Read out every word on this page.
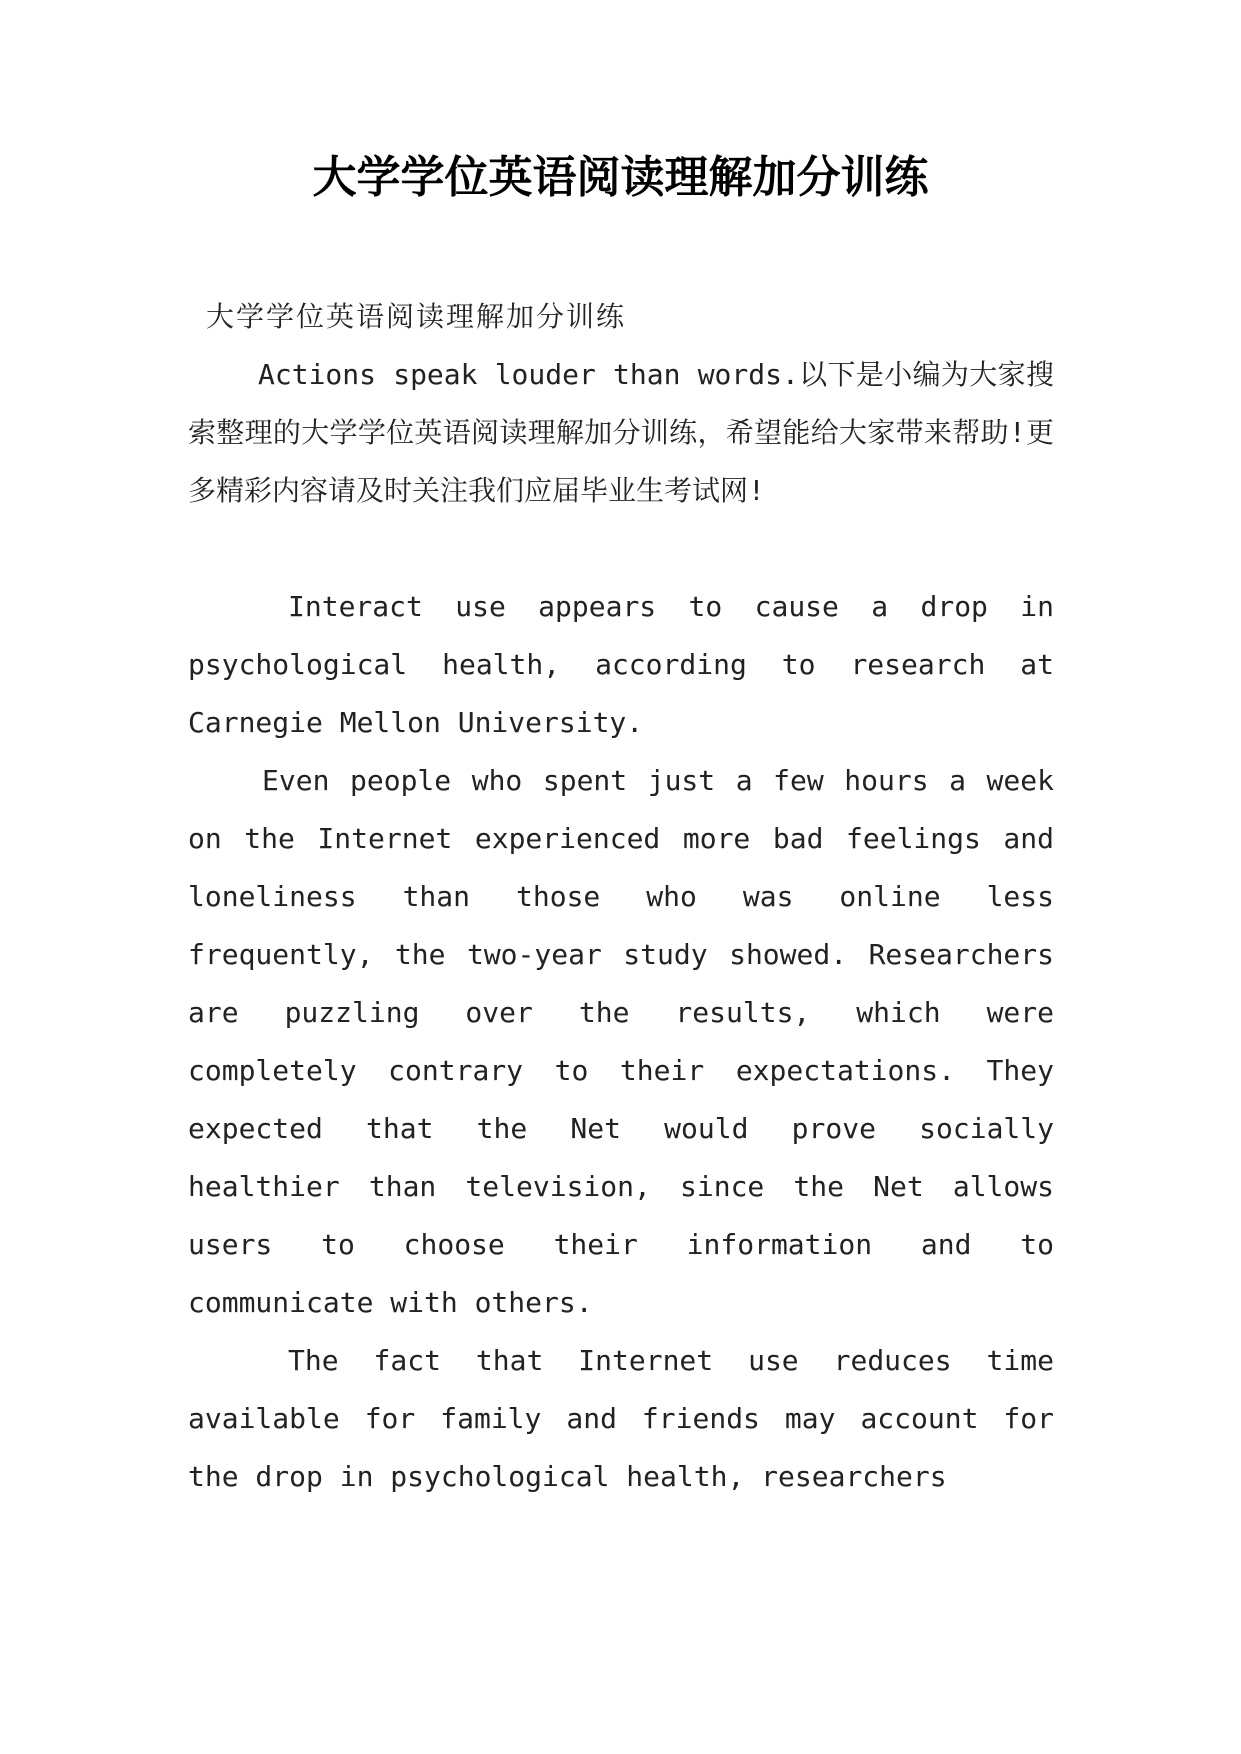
大学学位英语阅读理解加分训练

大学学位英语阅读理解加分训练

Actions speak louder than words.以下是小编为大家搜索整理的大学学位英语阅读理解加分训练，希望能给大家带来帮助!更多精彩内容请及时关注我们应届毕业生考试网!

Interact use appears to cause a drop in psychological health, according to research at Carnegie Mellon University.

Even people who spent just a few hours a week on the Internet experienced more bad feelings and loneliness than those who was online less frequently, the two-year study showed. Researchers are puzzling over the results, which were completely contrary to their expectations. They expected that the Net would prove socially healthier than television, since the Net allows users to choose their information and to communicate with others.

The fact that Internet use reduces time available for family and friends may account for the drop in psychological health, researchers
